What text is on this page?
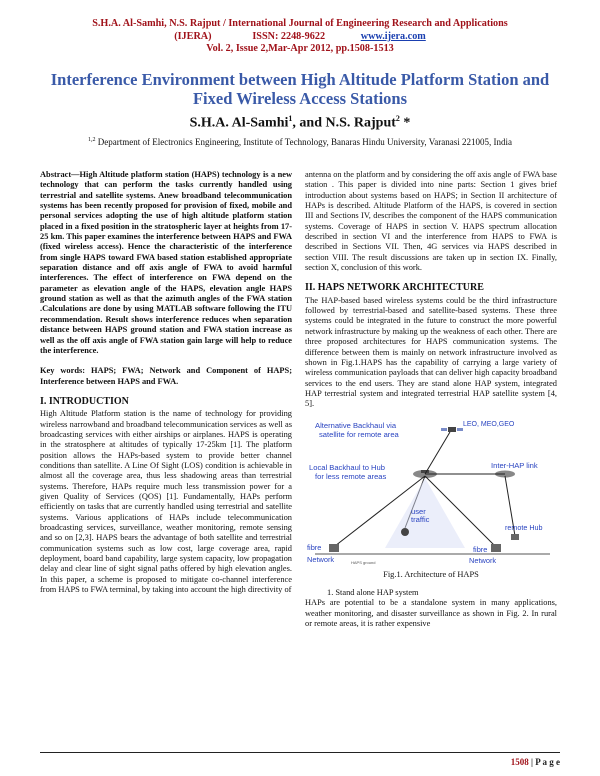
S.H.A. Al-Samhi, N.S. Rajput / International Journal of Engineering Research and Applications
(IJERA)	ISSN: 2248-9622	www.ijera.com
Vol. 2, Issue 2,Mar-Apr 2012, pp.1508-1513
Interference Environment between High Altitude Platform Station and
Fixed Wireless Access Stations
S.H.A. Al-Samhi$^1$, and N.S. Rajput$^2$ *
$^{1,2}$ Department of Electronics Engineering, Institute of Technology, Banaras Hindu University, Varanasi 221005, India

Abstract—High Altitude platform station (HAPS) technology is a new technology that can perform the tasks currently handled using terrestrial and satellite systems. Anew broadband telecommunication systems has been recently proposed for provision of fixed, mobile and personal services adopting the use of high altitude platform station placed in a fixed position in the stratospheric layer at heights from 17-25 km. This paper examines the interference between HAPS and FWA (fixed wireless access). Hence the characteristic of the interference from single HAPS toward FWA based station established appropriate separation distance and off axis angle of FWA to avoid harmful interferences. The effect of interference on FWA depend on the parameter as elevation angle of the HAPS, elevation angle HAPS ground station as well as that the azimuth angles of the FWA station .Calculations are done by using MATLAB software following the ITU recommendation. Result shows interference reduces when separation distance between HAPS ground station and FWA station increase as well as the off axis angle of FWA station gain large will help to reduce the interference.

Key words: HAPS; FWA; Network and Component of HAPS; Interference between HAPS and FWA.

I. INTRODUCTION

High Altitude Platform station is the name of technology for providing wireless narrowband and broadband telecommunication services as well as broadcasting services with either airships or airplanes. HAPS is operating in the stratosphere at altitudes of typically 17-25km [1]. The platform position allows the HAPs-based system to provide better channel conditions than satellite. A Line Of Sight (LOS) condition is achievable in almost all the coverage area, thus less shadowing areas than terrestrial systems. Therefore, HAPs require much less transmission power for a given Quality of Services (QOS) [1]. Fundamentally, HAPs perform efficiently on tasks that are currently handled using terrestrial and satellite systems. Various applications of HAPs include telecommunication broadcasting services, surveillance, weather monitoring, remote sensing and so on [2,3]. HAPS bears the advantage of both satellite and terrestrial communication systems such as low cost, large coverage area, rapid deployment, board band capability, large system capacity, low propagation delay and clear line of sight signal paths offered by high elevation angles. In this paper, a scheme is proposed to mitigate co-channel interference from HAPS to FWA terminal, by taking into account the high directivity of

antenna on the platform and by considering the off axis angle of FWA base station . This paper is divided into nine parts: Section 1 gives brief introduction about systems based on HAPS; in Section II architecture of HAPs is described. Altitude Platform of the HAPS, is covered in section III and Sections IV, describes the component of the HAPS communication systems. Coverage of HAPS in section V. HAPS spectrum allocation described in section VI and the interference from HAPS to FWA is described in Sections VII. Then, 4G services via HAPS described in section VIII. The result discussions are taken up in section IX. Finally, section X, conclusion of this work.

II. HAPS NETWORK ARCHITECTURE

The HAP-based based wireless systems could be the third infrastructure followed by terrestrial-based and satellite-based systems. These three systems could be integrated in the future to construct the more powerful network infrastructure by making up the weakness of each other. There are three proposed architectures for HAPS communication systems. The difference between them is mainly on network infrastructure involved as shown in Fig.1.HAPS has the capability of carrying a large variety of wireless communication payloads that can deliver high capacity broadband services to the end users. They are stand alone HAP system, integrated HAP terrestrial system and integrated terrestrial HAP satellite system [4, 5].

Alternative Backhaul via
satellite for remote area
LEO, MEO,GEO
Inter-HAP link
Local Backhaul to Hub
for less remote areas
user
traffic
remote Hub
fibre
Network
fibre
Network
HAPS ground

Fig.1. Architecture of HAPS

1. Stand alone HAP system

HAPs are potential to be a standalone system in many applications, weather monitoring, and disaster surveillance as shown in Fig. 2. In rural or remote areas, it is rather expensive

1508 | P a g e
